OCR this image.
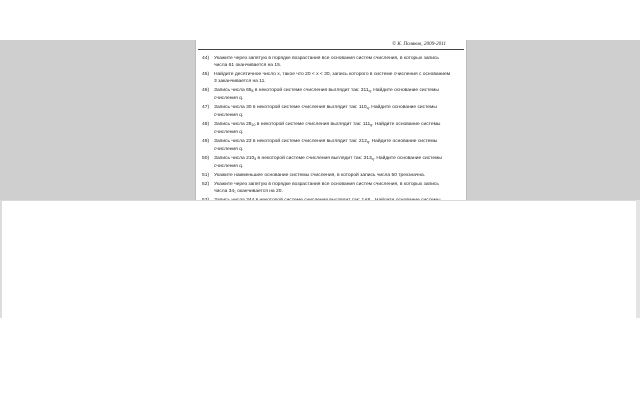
© К. Поляков, 2009-2011
44)	Укажите через запятую в порядке возрастания все основания систем счисления, в которых запись числа 61 оканчивается на 15.
45)	Найдите десятичное число x, такое что 20 < x < 30, запись которого в системе счисления с основанием 3 заканчивается на 11.
46)	Запись числа $65_8$ в некоторой системе счисления выглядит так: $311_q$. Найдите основание системы счисления q.
47)	Запись числа 30 в некоторой системе счисления выглядит так: $110_q$. Найдите основание системы счисления q.
48)	Запись числа $28_{10}$ в некоторой системе счисления выглядит так: $111_q$. Найдите основание системы счисления q.
49)	Запись числа 23 в некоторой системе счисления выглядит так: $212_q$. Найдите основание системы счисления q.
50)	Запись числа $210_5$ в некоторой системе счисления выглядит так: $313_q$. Найдите основание системы счисления q.
51)	Укажите наименьшее основание системы счисления, в которой запись числа 50 трехзначна.
52)	Укажите через запятую в порядке возрастания все основания систем счисления, в которых запись числа 34₁ оканчивается на 20.
